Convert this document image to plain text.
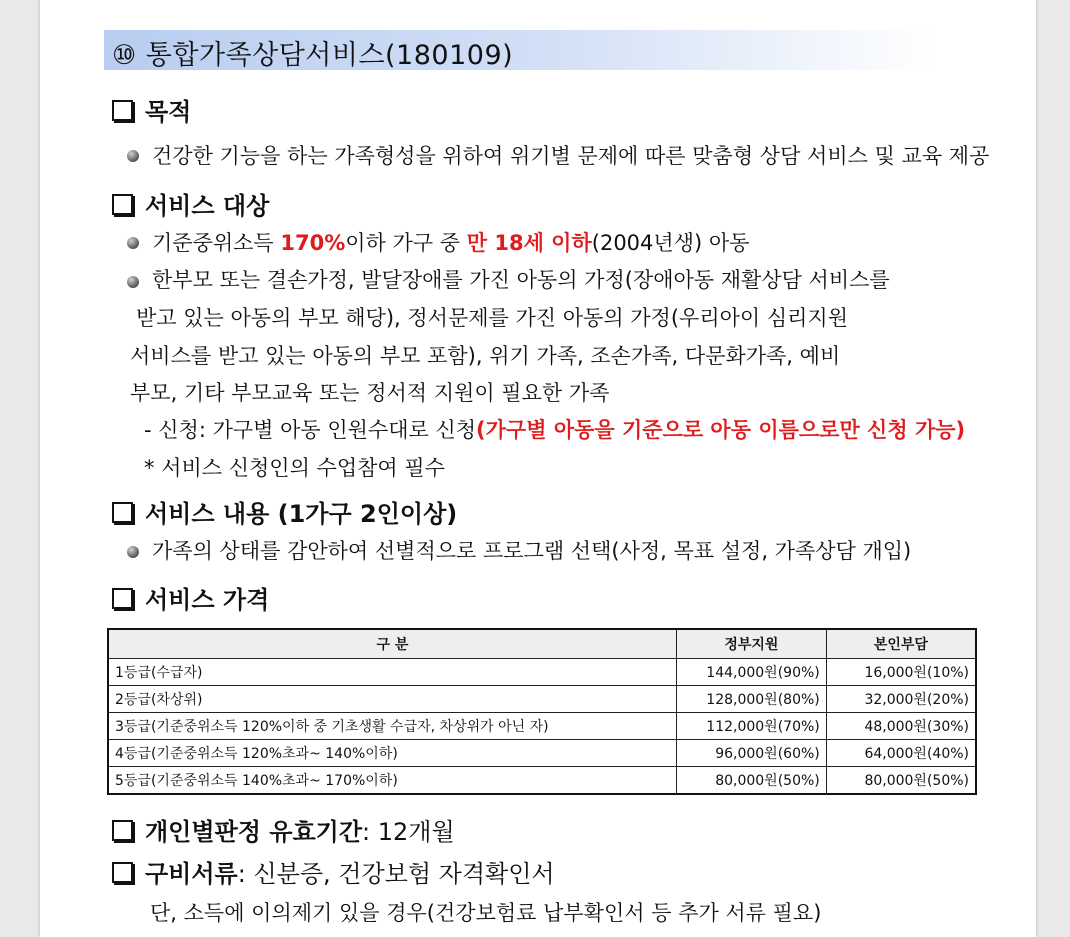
⑩ 통합가족상담서비스(180109)
목적
건강한 기능을 하는 가족형성을 위하여 위기별 문제에 따른 맞춤형 상담 서비스 및 교육 제공
서비스 대상
기준중위소득 170%이하 가구 중 만 18세 이하(2004년생) 아동
한부모 또는 결손가정, 발달장애를 가진 아동의 가정(장애아동 재활상담 서비스를
받고 있는 아동의 부모 해당), 정서문제를 가진 아동의 가정(우리아이 심리지원
서비스를 받고 있는 아동의 부모 포함), 위기 가족, 조손가족, 다문화가족, 예비
부모, 기타 부모교육 또는 정서적 지원이 필요한 가족
- 신청: 가구별 아동 인원수대로 신청(가구별 아동을 기준으로 아동 이름으로만 신청 가능)
* 서비스 신청인의 수업참여 필수
서비스 내용 (1가구 2인이상)
가족의 상태를 감안하여 선별적으로 프로그램 선택(사정, 목표 설정, 가족상담 개입)
서비스 가격
구 분	정부지원	본인부담
1등급(수급자)	144,000원(90%)	16,000원(10%)
2등급(차상위)	128,000원(80%)	32,000원(20%)
3등급(기준중위소득 120%이하 중 기초생활 수급자, 차상위가 아닌 자)	112,000원(70%)	48,000원(30%)
4등급(기준중위소득 120%초과~ 140%이하)	96,000원(60%)	64,000원(40%)
5등급(기준중위소득 140%초과~ 170%이하)	80,000원(50%)	80,000원(50%)
개인별판정 유효기간: 12개월
구비서류: 신분증, 건강보험 자격확인서
단, 소득에 이의제기 있을 경우(건강보험료 납부확인서 등 추가 서류 필요)
